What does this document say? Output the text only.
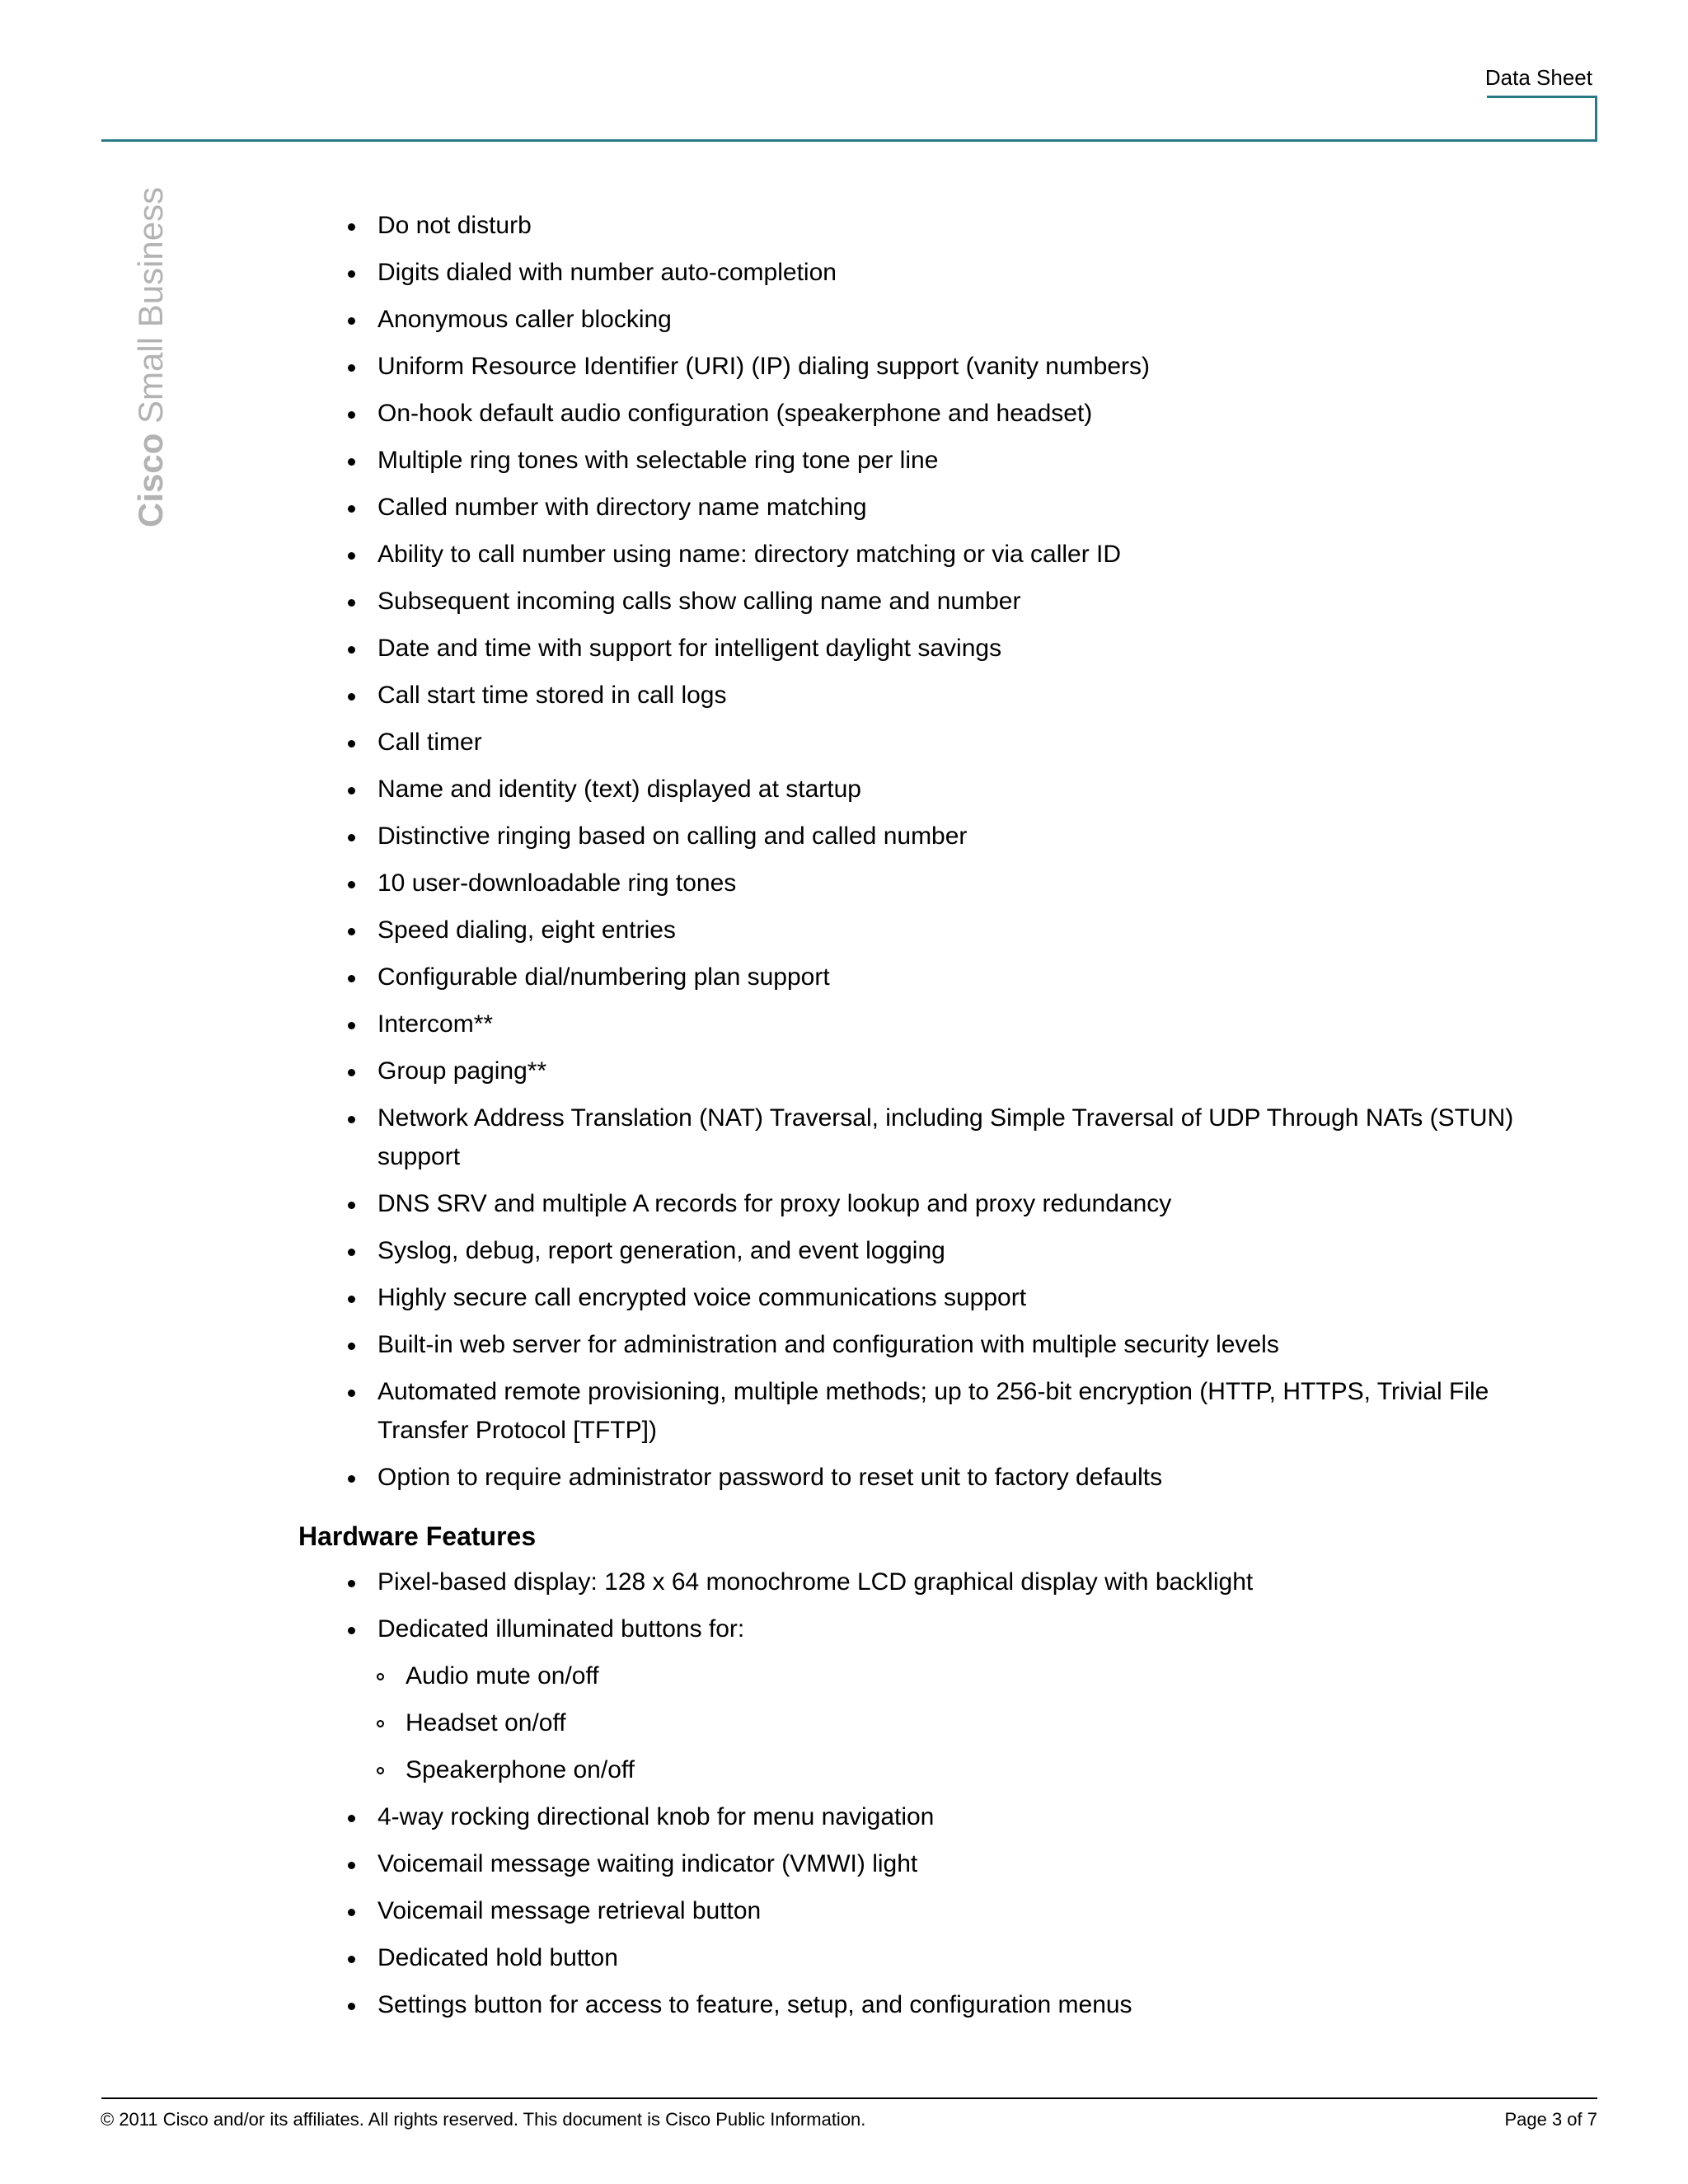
Data Sheet
Cisco Small Business	Do not disturb
Digits dialed with number auto-completion
Anonymous caller blocking
Uniform Resource Identifier (URI) (IP) dialing support (vanity numbers)
On-hook default audio configuration (speakerphone and headset)
Multiple ring tones with selectable ring tone per line
Called number with directory name matching
Ability to call number using name: directory matching or via caller ID
Subsequent incoming calls show calling name and number
Date and time with support for intelligent daylight savings
Call start time stored in call logs
Call timer
Name and identity (text) displayed at startup
Distinctive ringing based on calling and called number
10 user-downloadable ring tones
Speed dialing, eight entries
Configurable dial/numbering plan support
Intercom**
Group paging**
Network Address Translation (NAT) Traversal, including Simple Traversal of UDP Through NATs (STUN) support
DNS SRV and multiple A records for proxy lookup and proxy redundancy
Syslog, debug, report generation, and event logging
Highly secure call encrypted voice communications support
Built-in web server for administration and configuration with multiple security levels
Automated remote provisioning, multiple methods; up to 256-bit encryption (HTTP, HTTPS, Trivial File Transfer Protocol [TFTP])
Option to require administrator password to reset unit to factory defaults
Hardware Features
Pixel-based display: 128 x 64 monochrome LCD graphical display with backlight
Dedicated illuminated buttons for:
Audio mute on/off
Headset on/off
Speakerphone on/off
4-way rocking directional knob for menu navigation
Voicemail message waiting indicator (VMWI) light
Voicemail message retrieval button
Dedicated hold button
Settings button for access to feature, setup, and configuration menus
© 2011 Cisco and/or its affiliates. All rights reserved. This document is Cisco Public Information.	Page 3 of 7
